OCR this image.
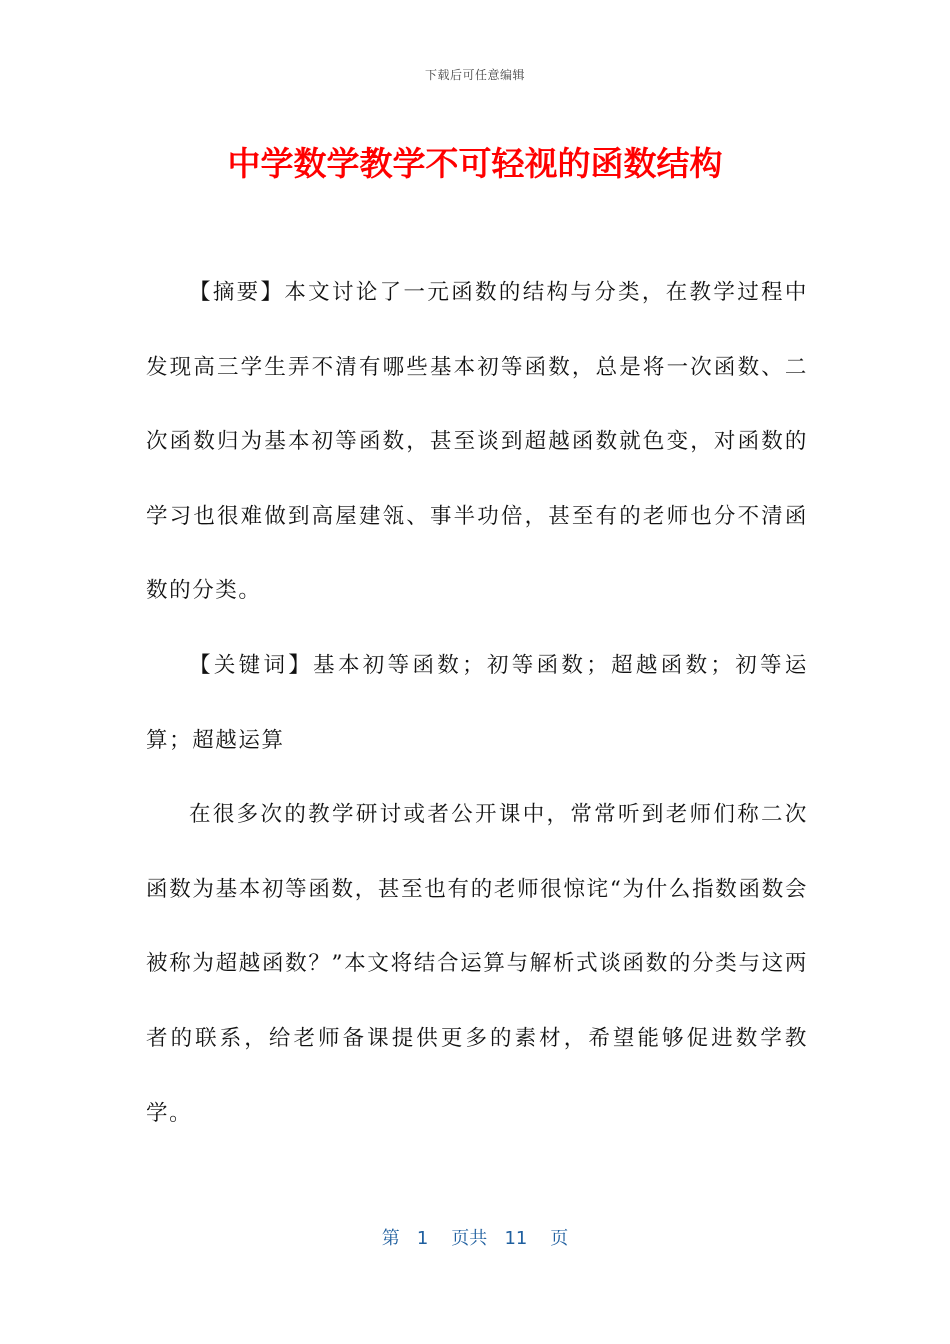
下载后可任意编辑
中学数学教学不可轻视的函数结构

【摘要】本文讨论了一元函数的结构与分类，在教学过程中发现高三学生弄不清有哪些基本初等函数，总是将一次函数、二次函数归为基本初等函数，甚至谈到超越函数就色变，对函数的学习也很难做到高屋建瓴、事半功倍，甚至有的老师也分不清函数的分类。

【关键词】基本初等函数；初等函数；超越函数；初等运算；超越运算

在很多次的教学研讨或者公开课中，常常听到老师们称二次函数为基本初等函数，甚至也有的老师很惊诧“为什么指数函数会被称为超越函数？”本文将结合运算与解析式谈函数的分类与这两者的联系，给老师备课提供更多的素材，希望能够促进数学教学。

第 1 页共 11 页
